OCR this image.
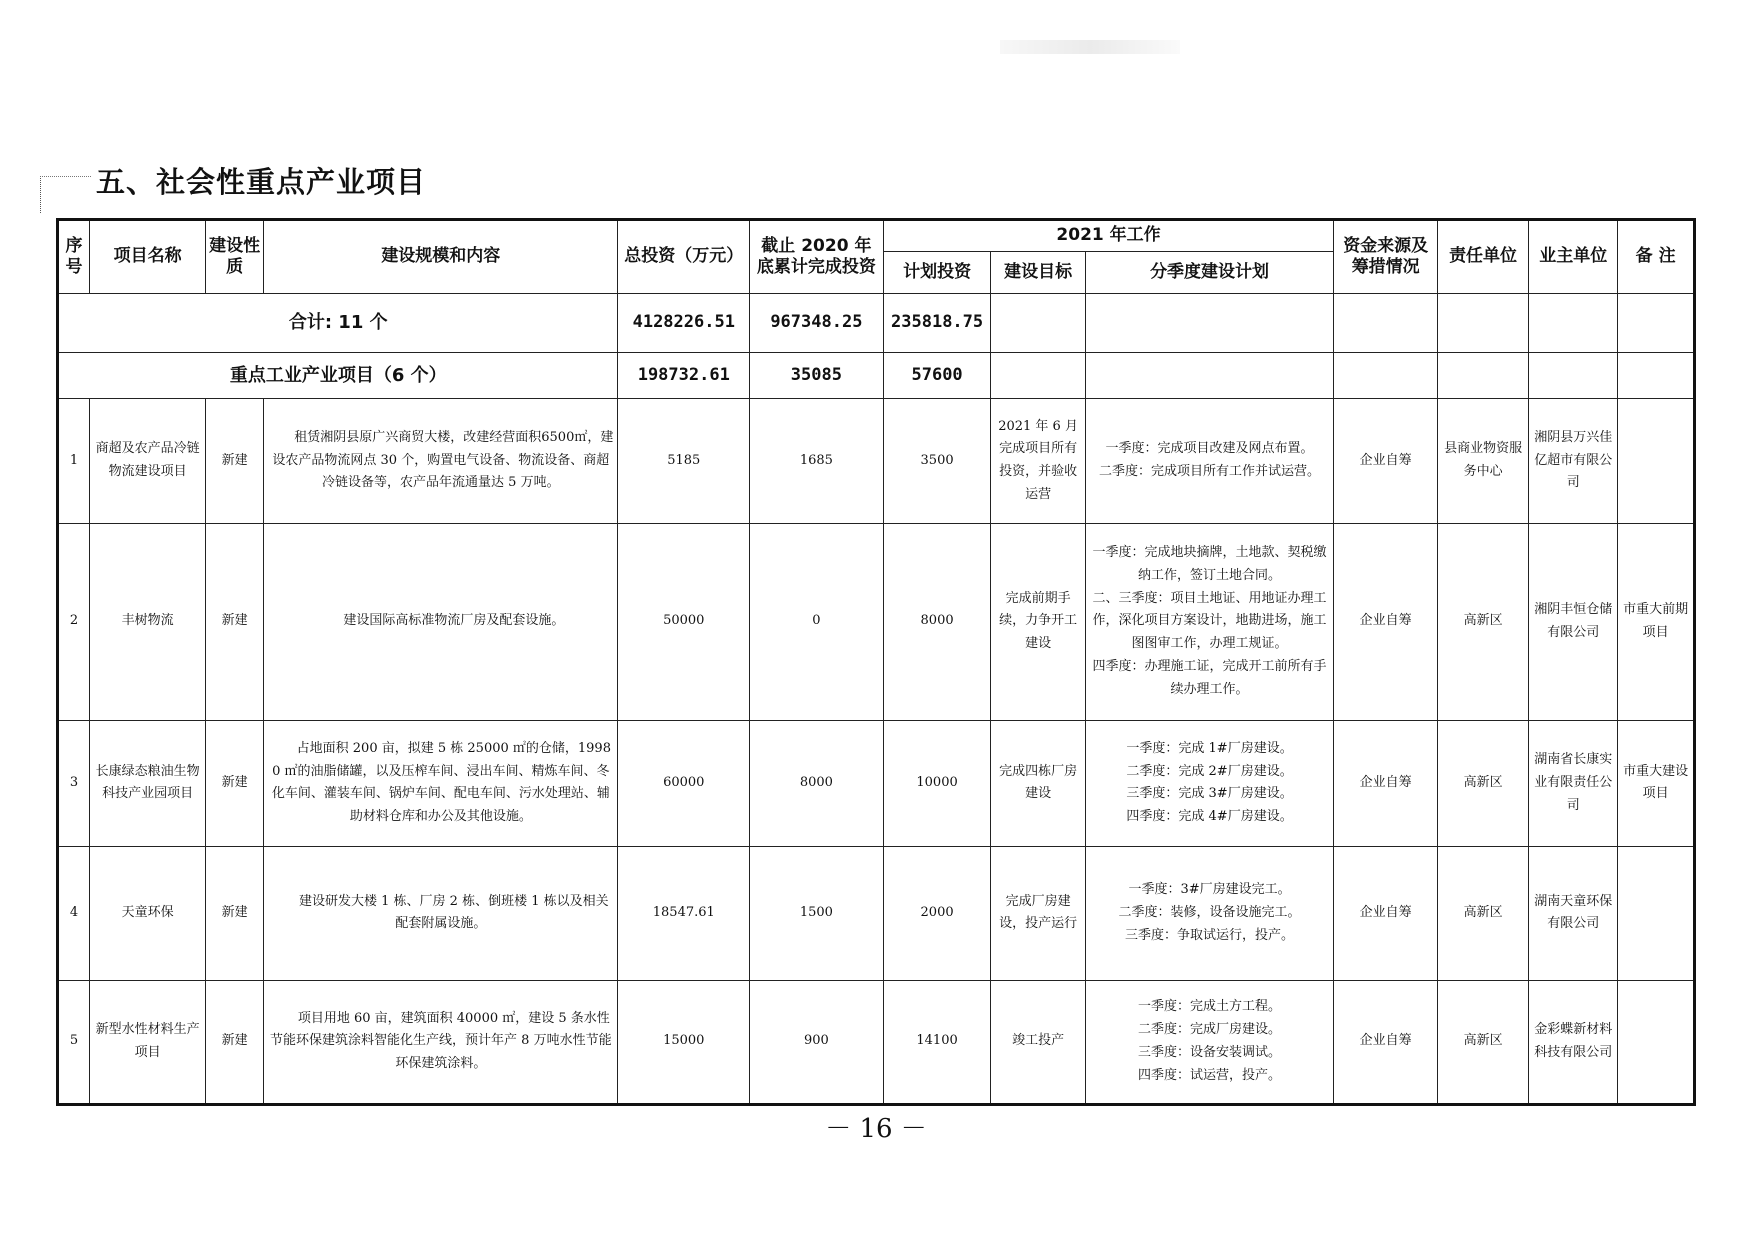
五、社会性重点产业项目
序号	项目名称	建设性质	建设规模和内容	总投资（万元）	截止 2020 年底累计完成投资	2021 年工作			资金来源及筹措情况	责任单位	业主单位	备 注
						计划投资	建设目标	分季度建设计划				
合计: 11 个				4128226.51	967348.25	235818.75						
重点工业产业项目（6 个）				198732.61	35085	57600						
1	商超及农产品冷链物流建设项目	新建	租赁湘阴县原广兴商贸大楼，改建经营面积6500㎡，建设农产品物流网点 30 个，购置电气设备、物流设备、商超冷链设备等，农产品年流通量达 5 万吨。	5185	1685	3500	2021 年 6 月完成项目所有投资，并验收运营	一季度：完成项目改建及网点布置。
二季度：完成项目所有工作并试运营。	企业自筹	县商业物资服务中心	湘阴县万兴佳亿超市有限公司	
2	丰树物流	新建	建设国际高标准物流厂房及配套设施。	50000	0	8000	完成前期手续，力争开工建设	一季度：完成地块摘牌，土地款、契税缴纳工作，签订土地合同。
二、三季度：项目土地证、用地证办理工作，深化项目方案设计，地勘进场，施工图图审工作，办理工规证。
四季度：办理施工证，完成开工前所有手续办理工作。	企业自筹	高新区	湘阴丰恒仓储有限公司	市重大前期项目
3	长康绿态粮油生物科技产业园项目	新建	占地面积 200 亩，拟建 5 栋 25000 ㎡的仓储，19980 ㎡的油脂储罐，以及压榨车间、浸出车间、精炼车间、冬化车间、灌装车间、锅炉车间、配电车间、污水处理站、辅助材料仓库和办公及其他设施。	60000	8000	10000	完成四栋厂房建设	一季度：完成 1#厂房建设。
二季度：完成 2#厂房建设。
三季度：完成 3#厂房建设。
四季度：完成 4#厂房建设。	企业自筹	高新区	湖南省长康实业有限责任公司	市重大建设项目
4	天童环保	新建	建设研发大楼 1 栋、厂房 2 栋、倒班楼 1 栋以及相关配套附属设施。	18547.61	1500	2000	完成厂房建设，投产运行	一季度：3#厂房建设完工。
二季度：装修，设备设施完工。
三季度：争取试运行，投产。	企业自筹	高新区	湖南天童环保有限公司	
5	新型水性材料生产项目	新建	项目用地 60 亩，建筑面积 40000 ㎡，建设 5 条水性节能环保建筑涂料智能化生产线，预计年产 8 万吨水性节能环保建筑涂料。	15000	900	14100	竣工投产	一季度：完成土方工程。
二季度：完成厂房建设。
三季度：设备安装调试。
四季度：试运营，投产。	企业自筹	高新区	金彩蝶新材料科技有限公司	
－ 16 －
